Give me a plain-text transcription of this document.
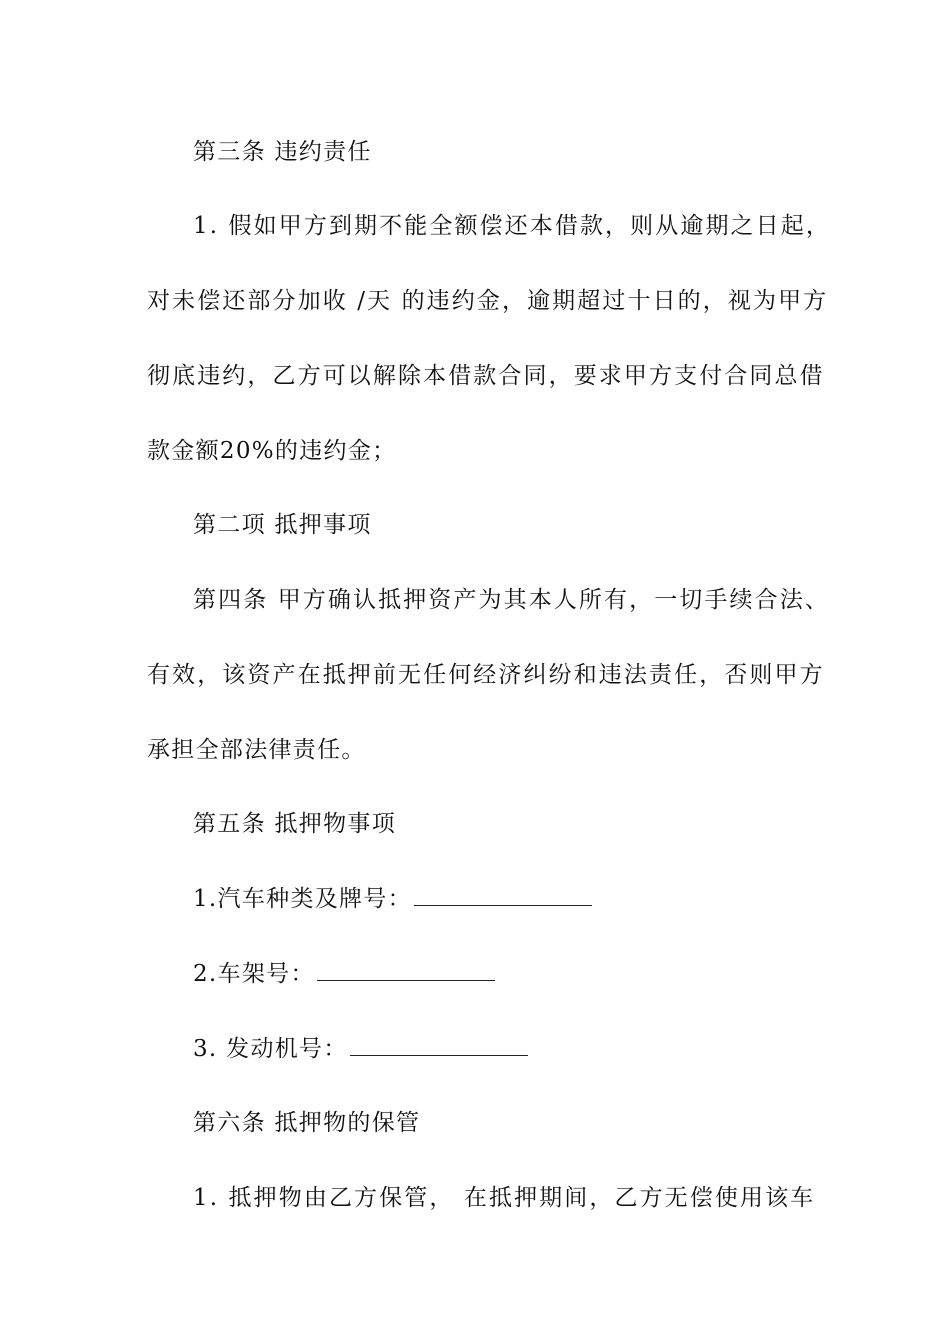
第三条 违约责任
1. 假如甲方到期不能全额偿还本借款，则从逾期之日起，
对未偿还部分加收 /天 的违约金，逾期超过十日的，视为甲方
彻底违约，乙方可以解除本借款合同，要求甲方支付合同总借
款金额20%的违约金；
第二项 抵押事项
第四条 甲方确认抵押资产为其本人所有，一切手续合法、
有效，该资产在抵押前无任何经济纠纷和违法责任，否则甲方
承担全部法律责任。
第五条 抵押物事项
1.汽车种类及牌号：
2.车架号：
3. 发动机号：
第六条 抵押物的保管
1. 抵押物由乙方保管， 在抵押期间，乙方无偿使用该车
